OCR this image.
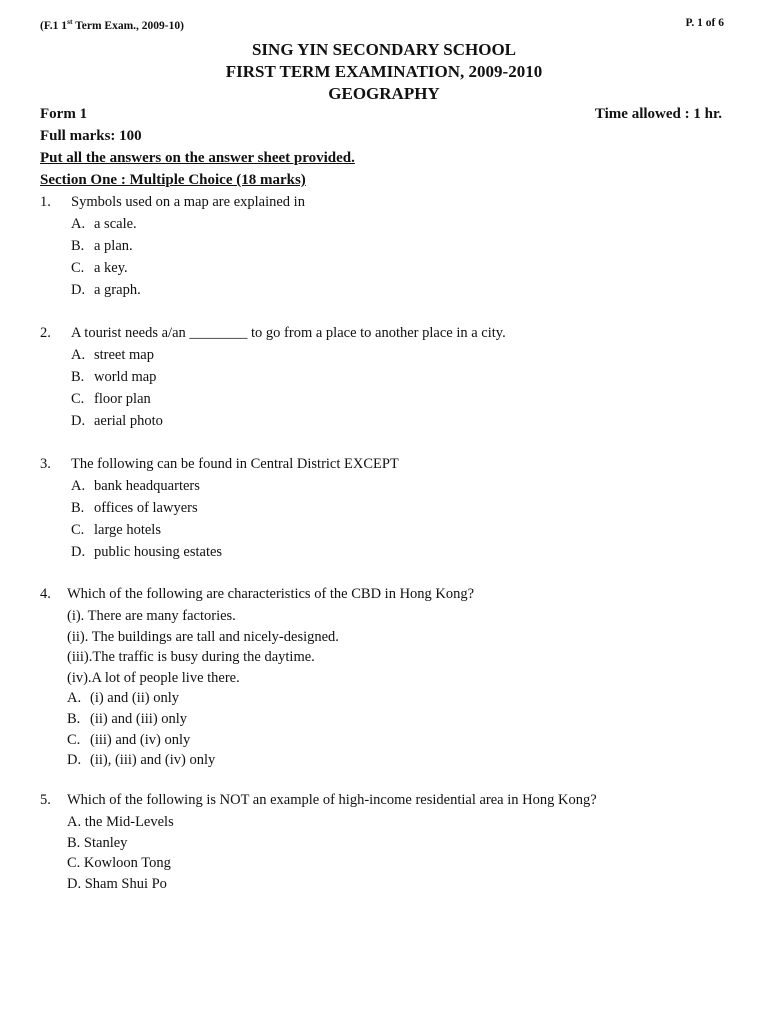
(F.1 1st Term Exam., 2009-10)	P. 1 of 6
SING YIN SECONDARY SCHOOL
FIRST TERM EXAMINATION, 2009-2010
GEOGRAPHY
Form 1	Time allowed : 1 hr.
Full marks: 100
Put all the answers on the answer sheet provided.
Section One : Multiple Choice (18 marks)
1. Symbols used on a map are explained in
A. a scale.
B. a plan.
C. a key.
D. a graph.
2. A tourist needs a/an ________ to go from a place to another place in a city.
A. street map
B. world map
C. floor plan
D. aerial photo
3. The following can be found in Central District EXCEPT
A. bank headquarters
B. offices of lawyers
C. large hotels
D. public housing estates
4. Which of the following are characteristics of the CBD in Hong Kong?
(i). There are many factories.
(ii). The buildings are tall and nicely-designed.
(iii).The traffic is busy during the daytime.
(iv).A lot of people live there.
A. (i) and (ii) only
B. (ii) and (iii) only
C. (iii) and (iv) only
D. (ii), (iii) and (iv) only
5. Which of the following is NOT an example of high-income residential area in Hong Kong?
A. the Mid-Levels
B. Stanley
C. Kowloon Tong
D. Sham Shui Po
